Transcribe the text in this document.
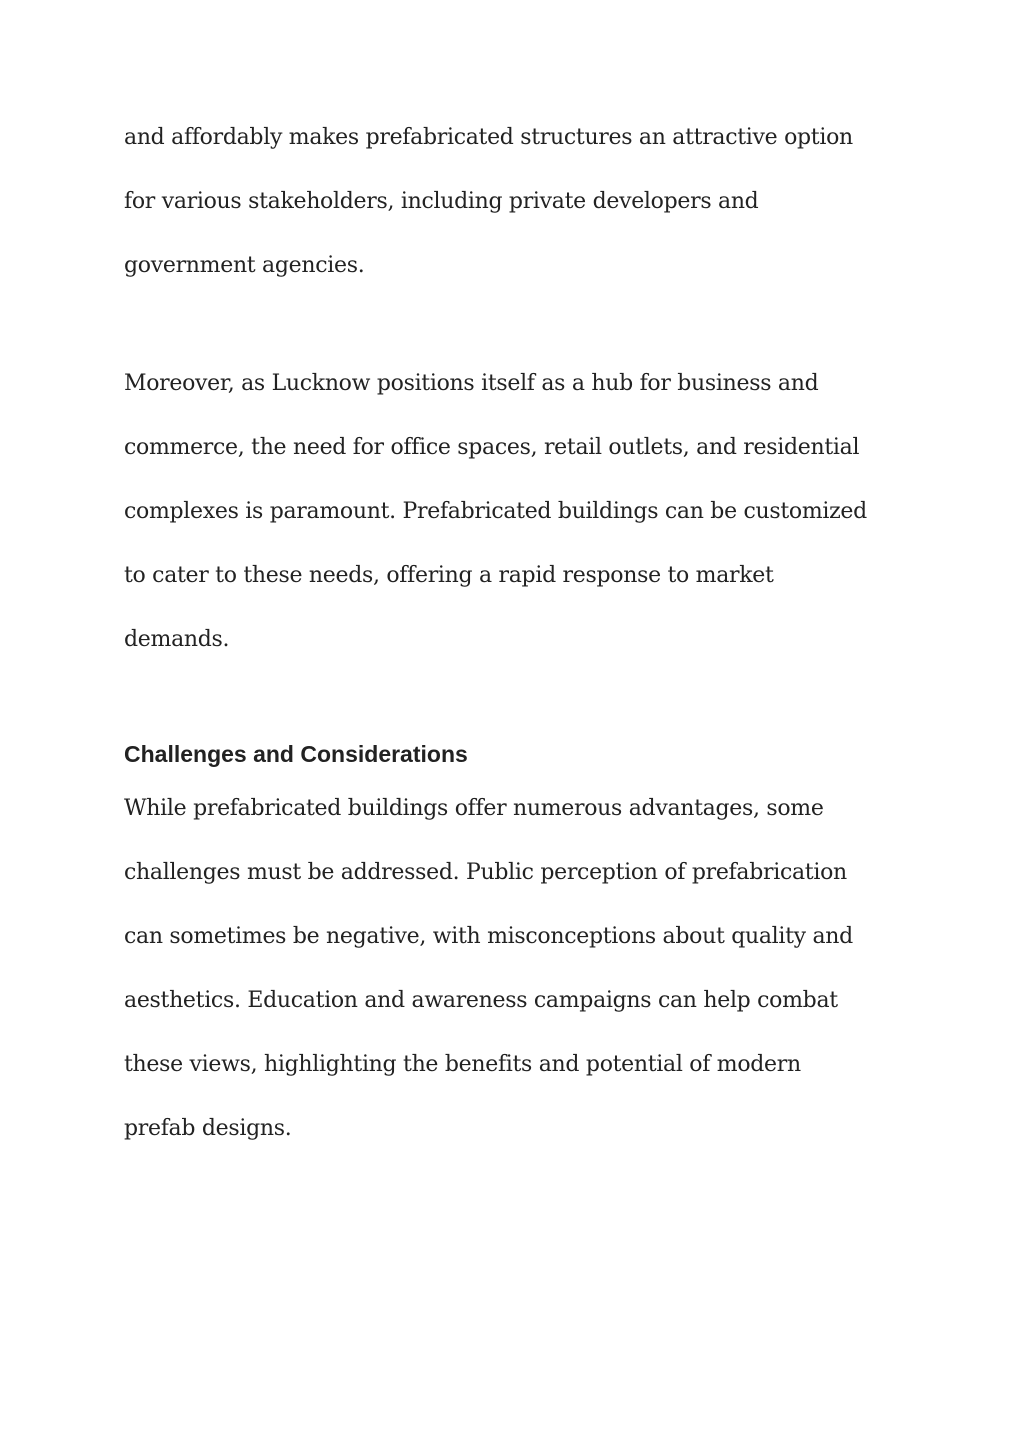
and affordably makes prefabricated structures an attractive option

for various stakeholders, including private developers and

government agencies.

Moreover, as Lucknow positions itself as a hub for business and

commerce, the need for office spaces, retail outlets, and residential

complexes is paramount. Prefabricated buildings can be customized

to cater to these needs, offering a rapid response to market

demands.

Challenges and Considerations

While prefabricated buildings offer numerous advantages, some

challenges must be addressed. Public perception of prefabrication

can sometimes be negative, with misconceptions about quality and

aesthetics. Education and awareness campaigns can help combat

these views, highlighting the benefits and potential of modern

prefab designs.
